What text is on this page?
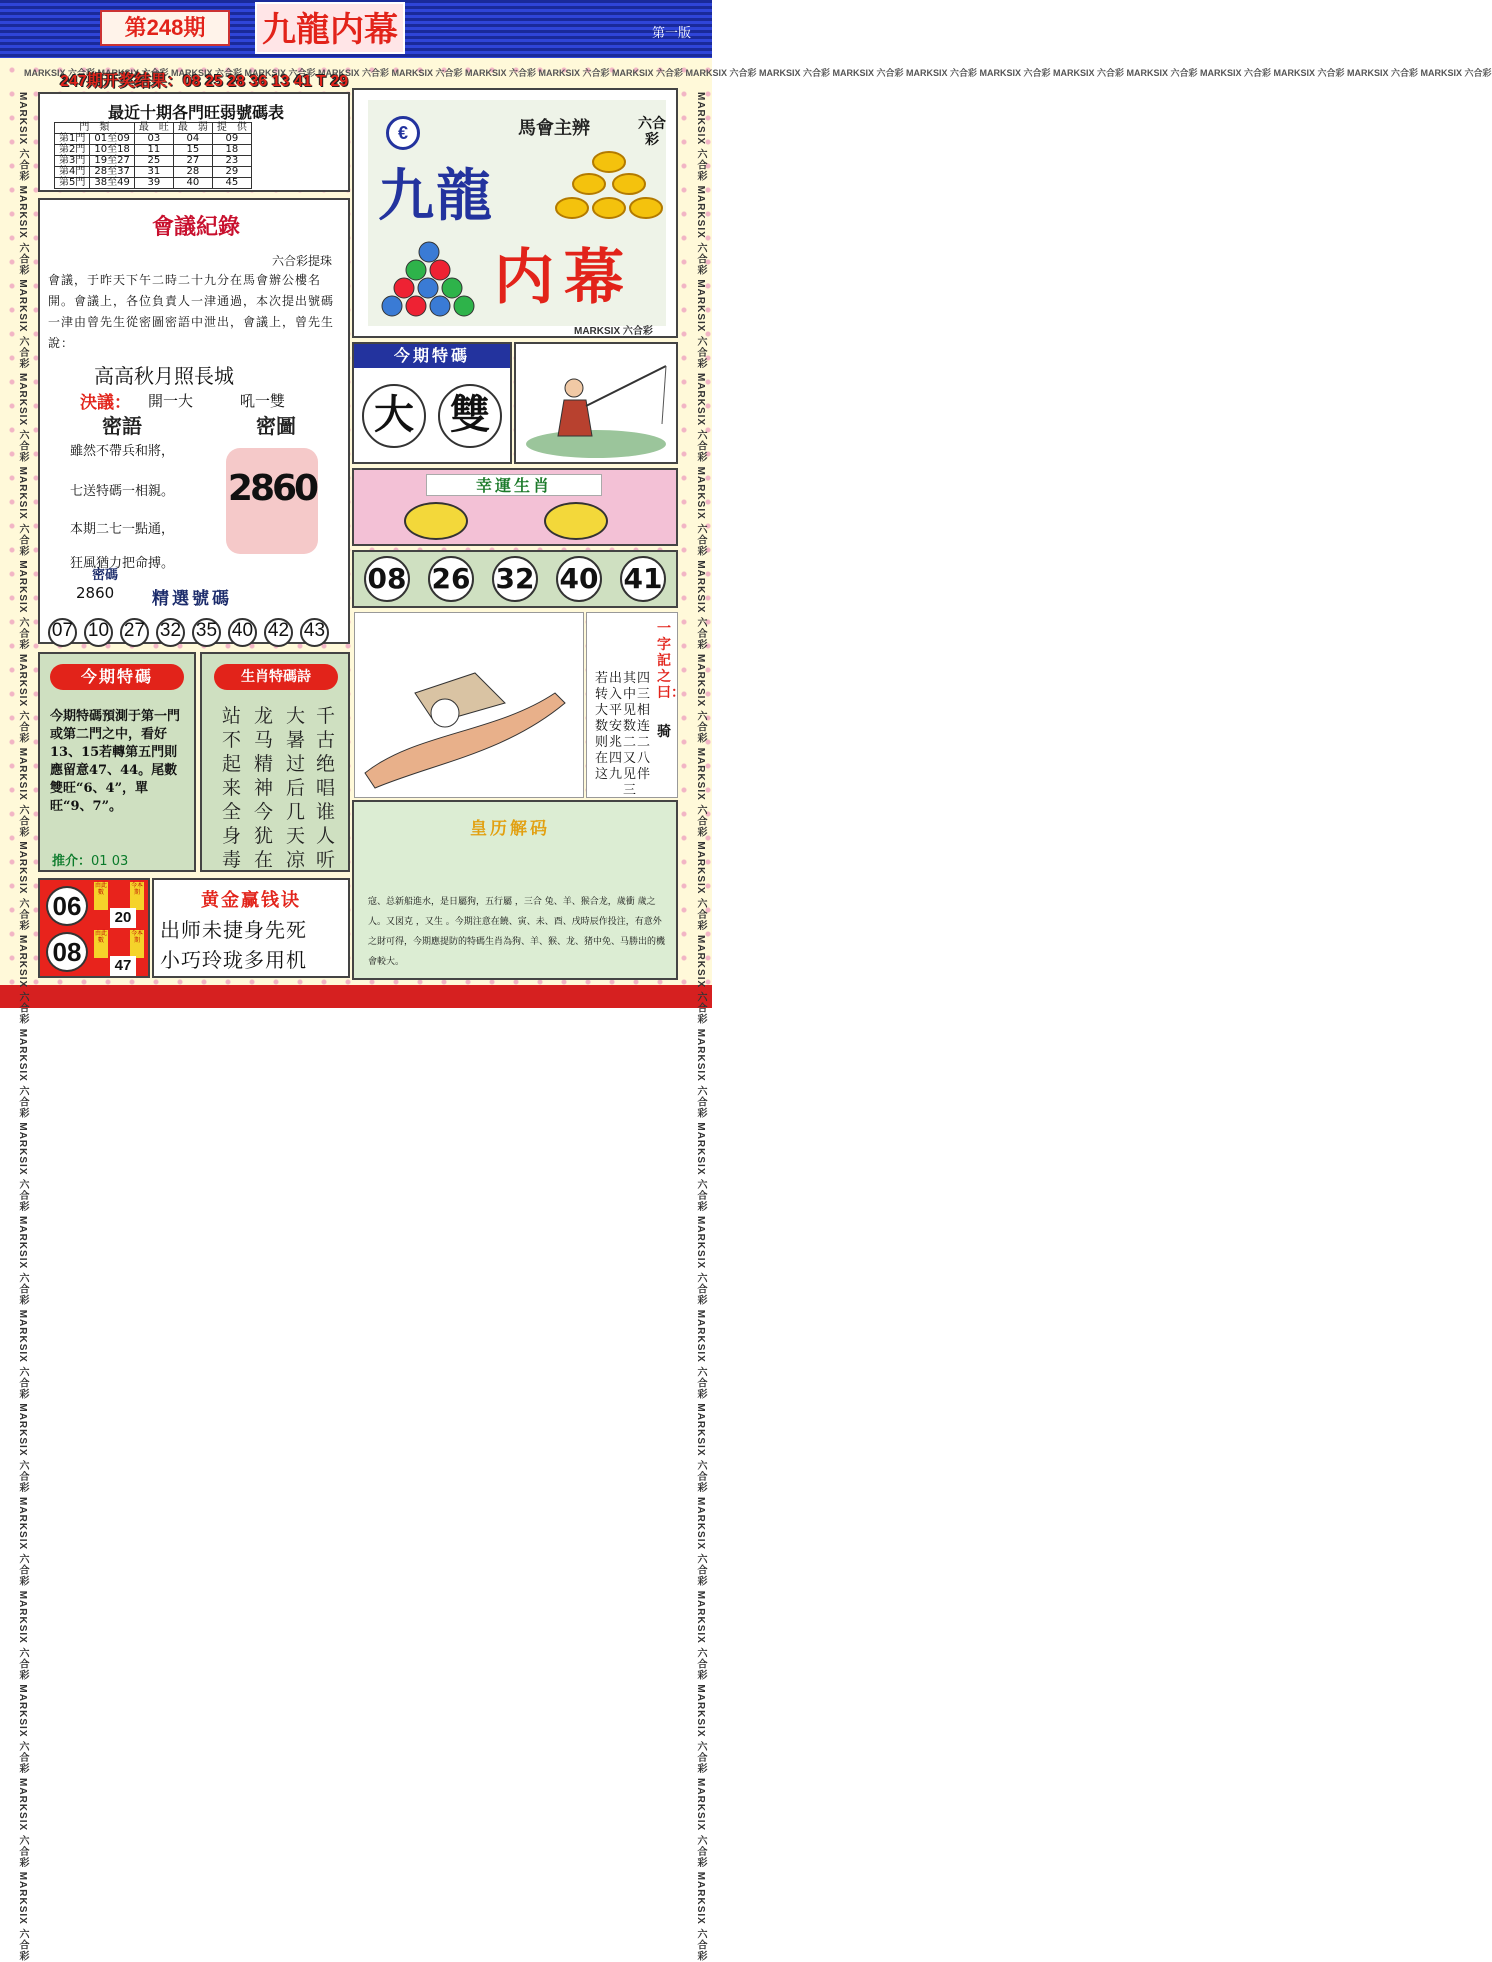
第248期	九龍内幕	第一版
MARKSIX 六合彩 MARKSIX 六合彩 MARKSIX 六合彩 MARKSIX 六合彩 MARKSIX 六合彩 MARKSIX 六合彩 MARKSIX 六合彩 MARKSIX 六合彩 MARKSIX 六合彩 MARKSIX 六合彩 MARKSIX 六合彩 MARKSIX 六合彩 MARKSIX 六合彩 MARKSIX 六合彩 MARKSIX 六合彩 MARKSIX 六合彩 MARKSIX 六合彩 MARKSIX 六合彩 MARKSIX 六合彩 MARKSIX 六合彩	MARKSIX 六合彩 MARKSIX 六合彩 MARKSIX 六合彩 MARKSIX 六合彩 MARKSIX 六合彩 MARKSIX 六合彩 MARKSIX 六合彩 MARKSIX 六合彩 MARKSIX 六合彩 MARKSIX 六合彩 MARKSIX 六合彩 MARKSIX 六合彩 MARKSIX 六合彩 MARKSIX 六合彩 MARKSIX 六合彩 MARKSIX 六合彩 MARKSIX 六合彩 MARKSIX 六合彩 MARKSIX 六合彩 MARKSIX 六合彩
MARKSIX 六合彩 MARKSIX 六合彩 MARKSIX 六合彩 MARKSIX 六合彩 MARKSIX 六合彩 MARKSIX 六合彩 MARKSIX 六合彩 MARKSIX 六合彩 MARKSIX 六合彩 MARKSIX 六合彩 MARKSIX 六合彩 MARKSIX 六合彩 MARKSIX 六合彩 MARKSIX 六合彩 MARKSIX 六合彩 MARKSIX 六合彩 MARKSIX 六合彩 MARKSIX 六合彩 MARKSIX 六合彩 MARKSIX 六合彩
247期开奖结果：08 25 28 36 13 41 T 29
最近十期各門旺弱號碼表
門　類		最　旺	最　弱	提　供
第1門	01至09	03	04	09
第2門	10至18	11	15	18
第3門	19至27	25	27	23
第4門	28至37	31	28	29
第5門	38至49	39	40	45
會議紀錄
六合彩提珠
會議，于昨天下午二時二十九分在馬會辦公樓名開。會議上，各位負責人一津通過，本次提出號碼一津由曾先生從密圖密語中泄出，會議上，曾先生說：
高高秋月照長城
決議： 開一大	吼一雙
密語	密圖
雖然不帶兵和將，
七送特碼一相親。
本期二七一點通，
狂風猶力把命搏。
2860
密碼
2860 精選號碼
07 10 27 32 35 40 42 43
€	馬會主辨	六合彩
九龍
内幕
MARKSIX 六合彩
今期特碼
大 雙
幸運生肖
08 26 32 40 41
一字記之曰：
骑
四三相连二八伴
其中见数二又见三
出入平安兆四九
若转大数则在这
皇历解码
寇、总新船進水，是日屬狗，五行屬 ，三合 兔、羊、猴合龙，歲衝 歲之人。又図克 ，又生 。今期注意在饒、寅、未、酉、戌時辰作投注，有意外之財可得，今期應提防的特碼生肖為狗、羊、猴、龙、猪中免、马勝出的機會較大。
今期特碼
今期特碼預測于第一門或第二門之中，看好13、15若轉第五門則應留意47、44。尾數雙旺“6、4”，單旺“9、7”。
推介：01 03
生肖特碼詩
千古绝唱谁人听
大暑过后几天凉
龙马精神今犹在
站不起来全身毒
06
08
由此數
今本期
20
由此數
今本期
47
黄金赢钱诀
出师未捷身先死
小巧玲珑多用机
